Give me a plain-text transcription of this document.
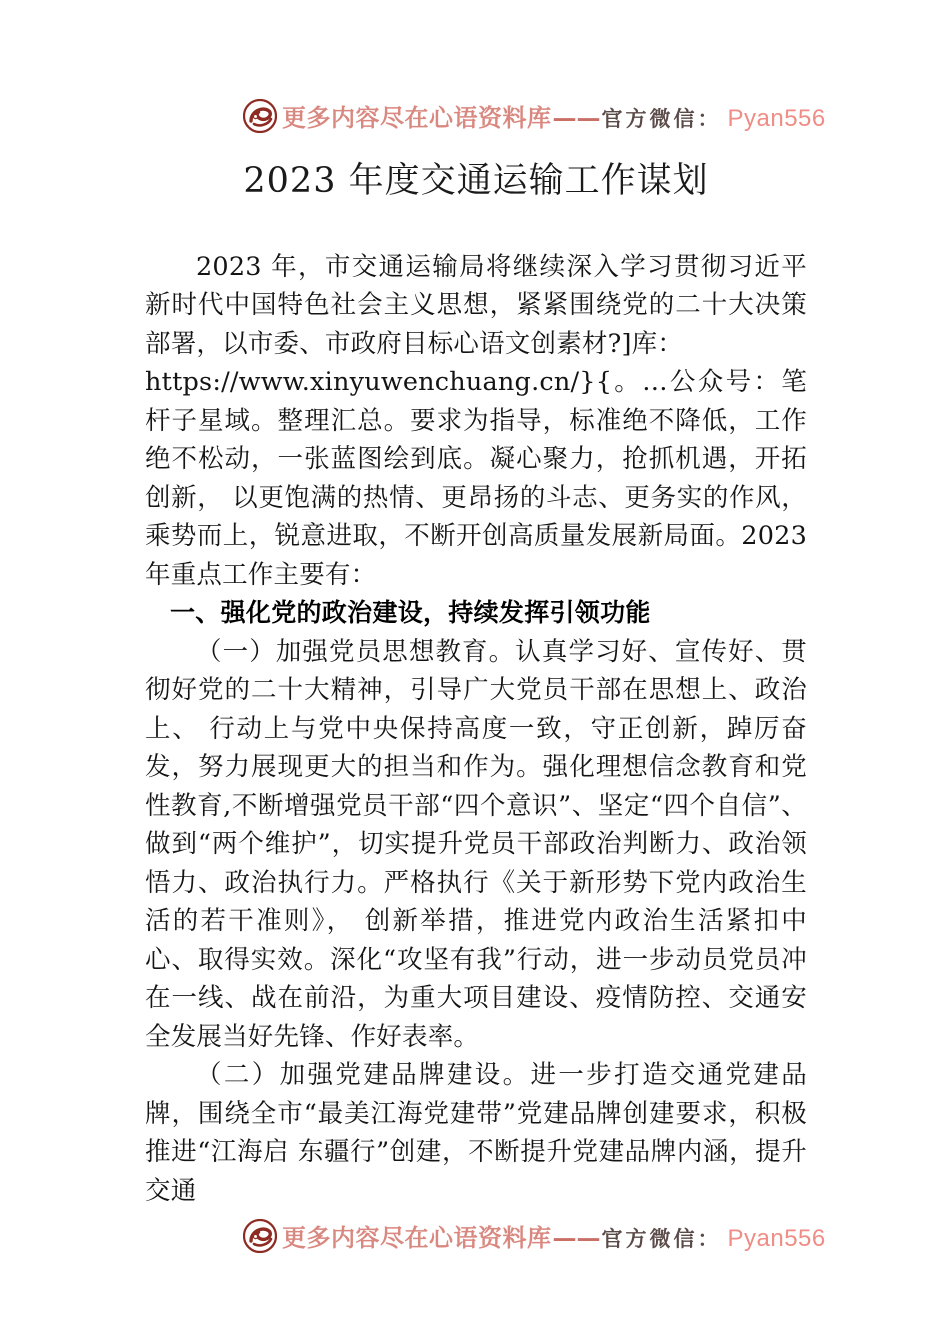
更多内容尽在心语资料库 —— 官方微信： Pyan556
2023 年度交通运输工作谋划

2023 年，市交通运输局将继续深入学习贯彻习近平新时代中国特色社会主义思想，紧紧围绕党的二十大决策部署，以市委、市政府目标心语文创素材?]库：

https://www.xinyuwenchuang.cn/}{。…公众号：笔杆子星域。整理汇总。要求为指导，标准绝不降低，工作绝不松动，一张蓝图绘到底。凝心聚力，抢抓机遇，开拓创新， 以更饱满的热情、更昂扬的斗志、更务实的作风，乘势而上，锐意进取，不断开创高质量发展新局面。2023 年重点工作主要有：

一、强化党的政治建设，持续发挥引领功能

（一）加强党员思想教育。认真学习好、宣传好、贯彻好党的二十大精神，引导广大党员干部在思想上、政治上、 行动上与党中央保持高度一致，守正创新，踔厉奋发，努力展现更大的担当和作为。强化理想信念教育和党性教育,不断增强党员干部“四个意识”、坚定“四个自信”、做到“两个维护”，切实提升党员干部政治判断力、政治领悟力、政治执行力。严格执行《关于新形势下党内政治生活的若干准则》， 创新举措，推进党内政治生活紧扣中心、取得实效。深化“攻坚有我”行动，进一步动员党员冲在一线、战在前沿，为重大项目建设、疫情防控、交通安全发展当好先锋、作好表率。

（二）加强党建品牌建设。进一步打造交通党建品牌，围绕全市“最美江海党建带”党建品牌创建要求，积极推进“江海启 东疆行”创建，不断提升党建品牌内涵，提升交通

更多内容尽在心语资料库 —— 官方微信： Pyan556
